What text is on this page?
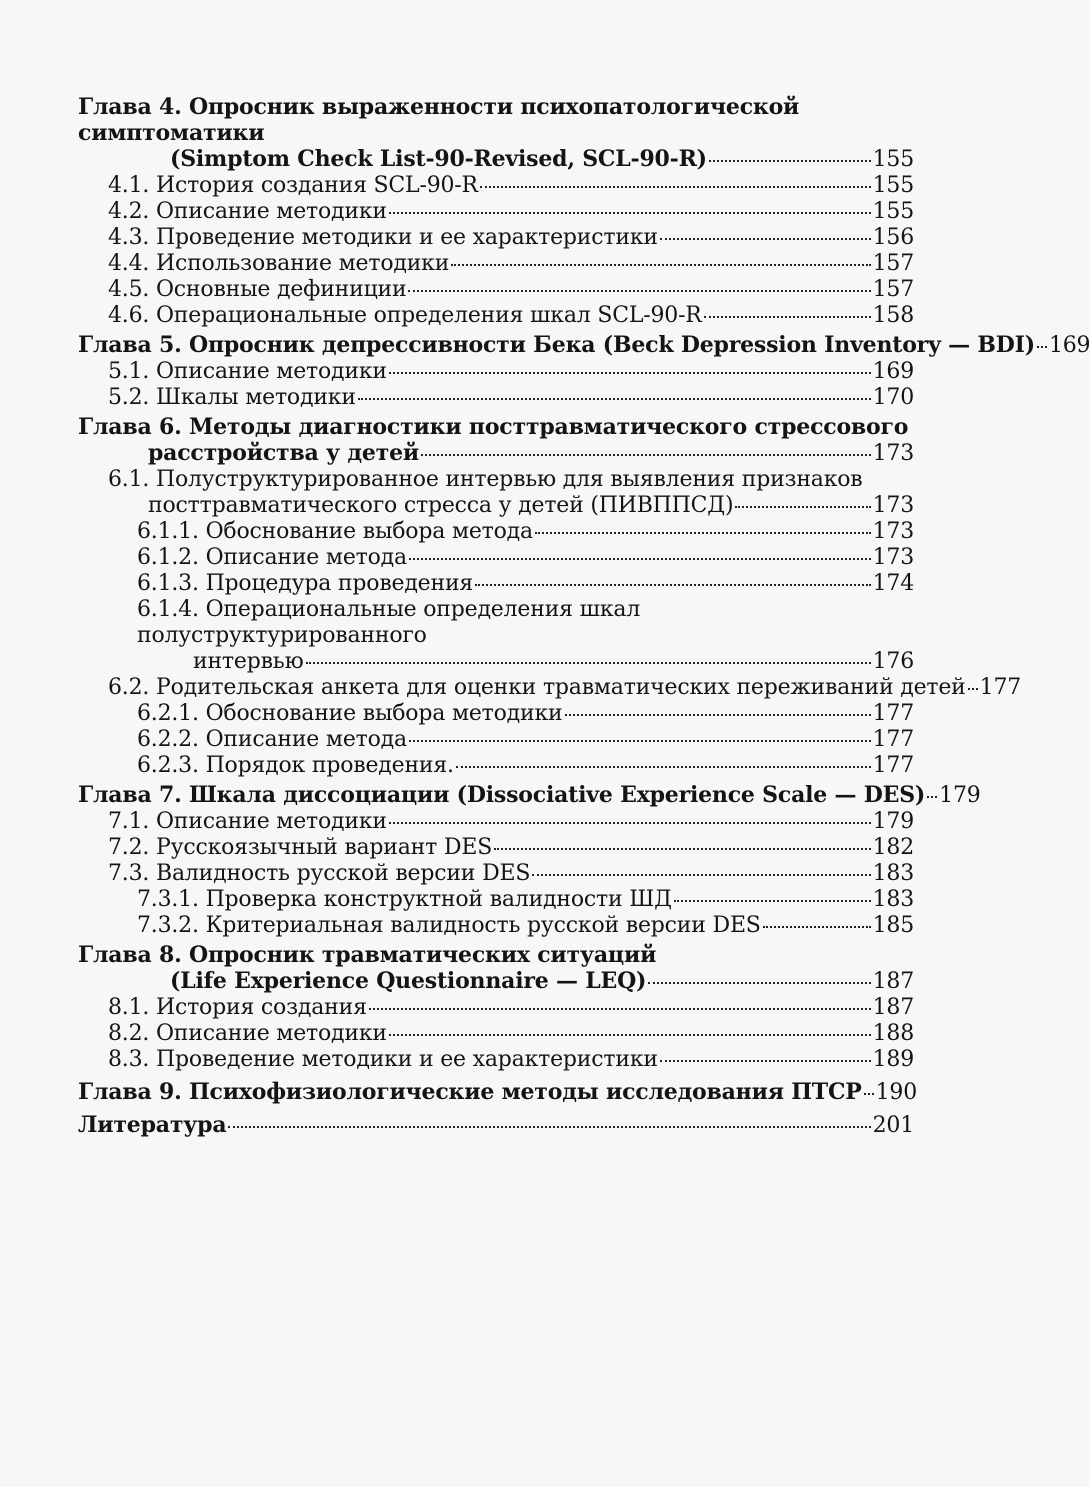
Глава 4. Опросник выраженности психопатологической симптоматики
(Simptom Check List-90-Revised, SCL-90-R)	155
4.1. История создания SCL-90-R	155
4.2. Описание методики	155
4.3. Проведение методики и ее характеристики	156
4.4. Использование методики	157
4.5. Основные дефиниции	157
4.6. Операциональные определения шкал SCL-90-R	158
Глава 5. Опросник депрессивности Бека (Beck Depression Inventory — BDI) 169
5.1. Описание методики	169
5.2. Шкалы методики	170
Глава 6. Методы диагностики посттравматического стрессового
расстройства у детей	173
6.1. Полуструктурированное интервью для выявления признаков
посттравматического стресса у детей (ПИВППСД)	173
6.1.1. Обоснование выбора метода	173
6.1.2. Описание метода	173
6.1.3. Процедура проведения	174
6.1.4. Операциональные определения шкал полуструктурированного
интервью	176
6.2. Родительская анкета для оценки травматических переживаний детей 177
6.2.1. Обоснование выбора методики	177
6.2.2. Описание метода	177
6.2.3. Порядок проведения.	177
Глава 7. Шкала диссоциации (Dissociative Experience Scale — DES) 179
7.1. Описание методики	179
7.2. Русскоязычный вариант DES	182
7.3. Валидность русской версии DES	183
7.3.1. Проверка конструктной валидности ШД	183
7.3.2. Критериальная валидность русской версии DES	185
Глава 8. Опросник травматических ситуаций
(Life Experience Questionnaire — LEQ)	187
8.1. История создания	187
8.2. Описание методики	188
8.3. Проведение методики и ее характеристики	189
Глава 9. Психофизиологические методы исследования ПТСР 190
Литература	201
